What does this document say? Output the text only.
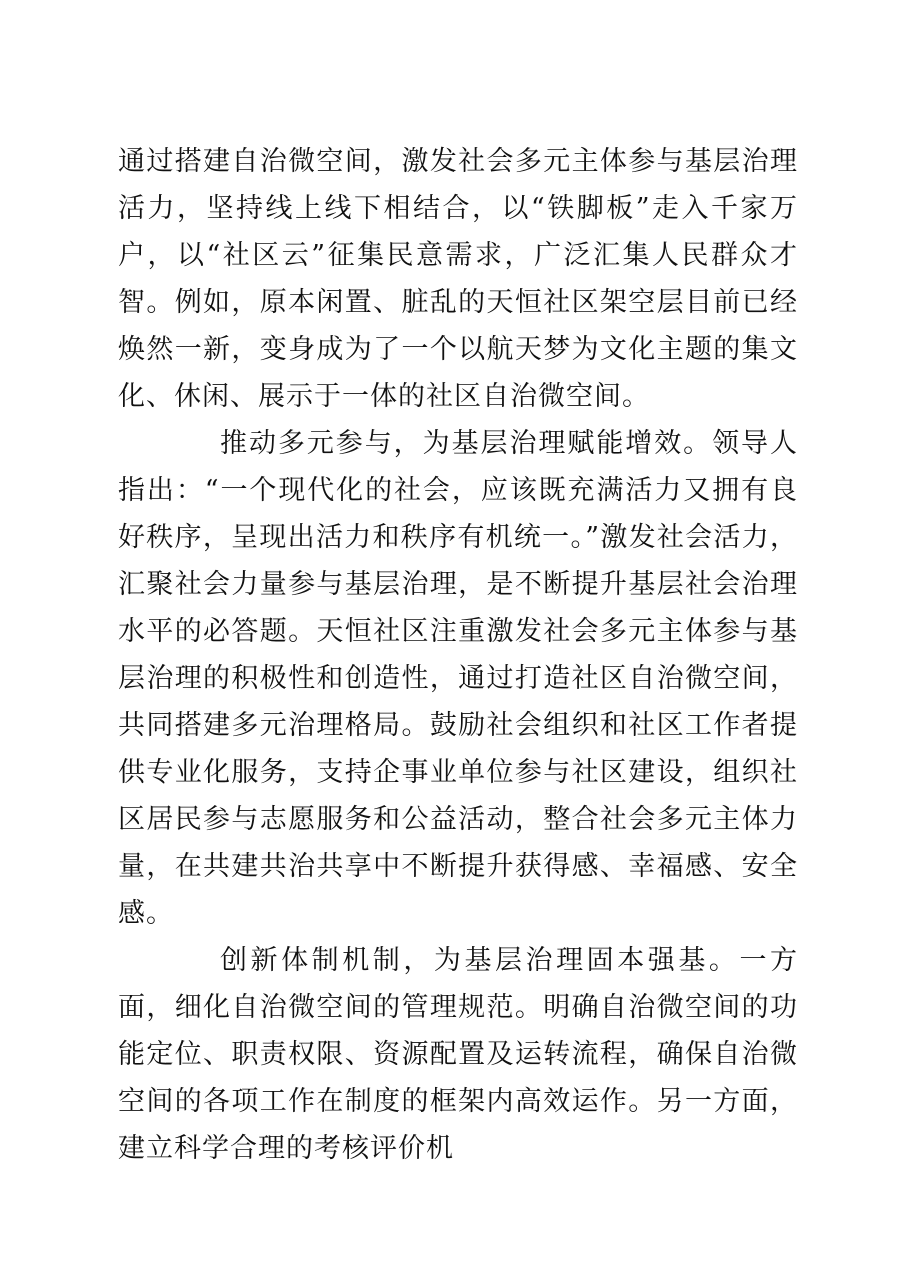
通过搭建自治微空间，激发社会多元主体参与基层治理活力，坚持线上线下相结合，以“铁脚板”走入千家万户，以“社区云”征集民意需求，广泛汇集人民群众才智。例如，原本闲置、脏乱的天恒社区架空层目前已经焕然一新，变身成为了一个以航天梦为文化主题的集文化、休闲、展示于一体的社区自治微空间。

推动多元参与，为基层治理赋能增效。领导人指出：“一个现代化的社会，应该既充满活力又拥有良好秩序，呈现出活力和秩序有机统一。”激发社会活力，汇聚社会力量参与基层治理，是不断提升基层社会治理水平的必答题。天恒社区注重激发社会多元主体参与基层治理的积极性和创造性，通过打造社区自治微空间，共同搭建多元治理格局。鼓励社会组织和社区工作者提供专业化服务，支持企事业单位参与社区建设，组织社区居民参与志愿服务和公益活动，整合社会多元主体力量，在共建共治共享中不断提升获得感、幸福感、安全感。

创新体制机制，为基层治理固本强基。一方面，细化自治微空间的管理规范。明确自治微空间的功能定位、职责权限、资源配置及运转流程，确保自治微空间的各项工作在制度的框架内高效运作。另一方面，建立科学合理的考核评价机
